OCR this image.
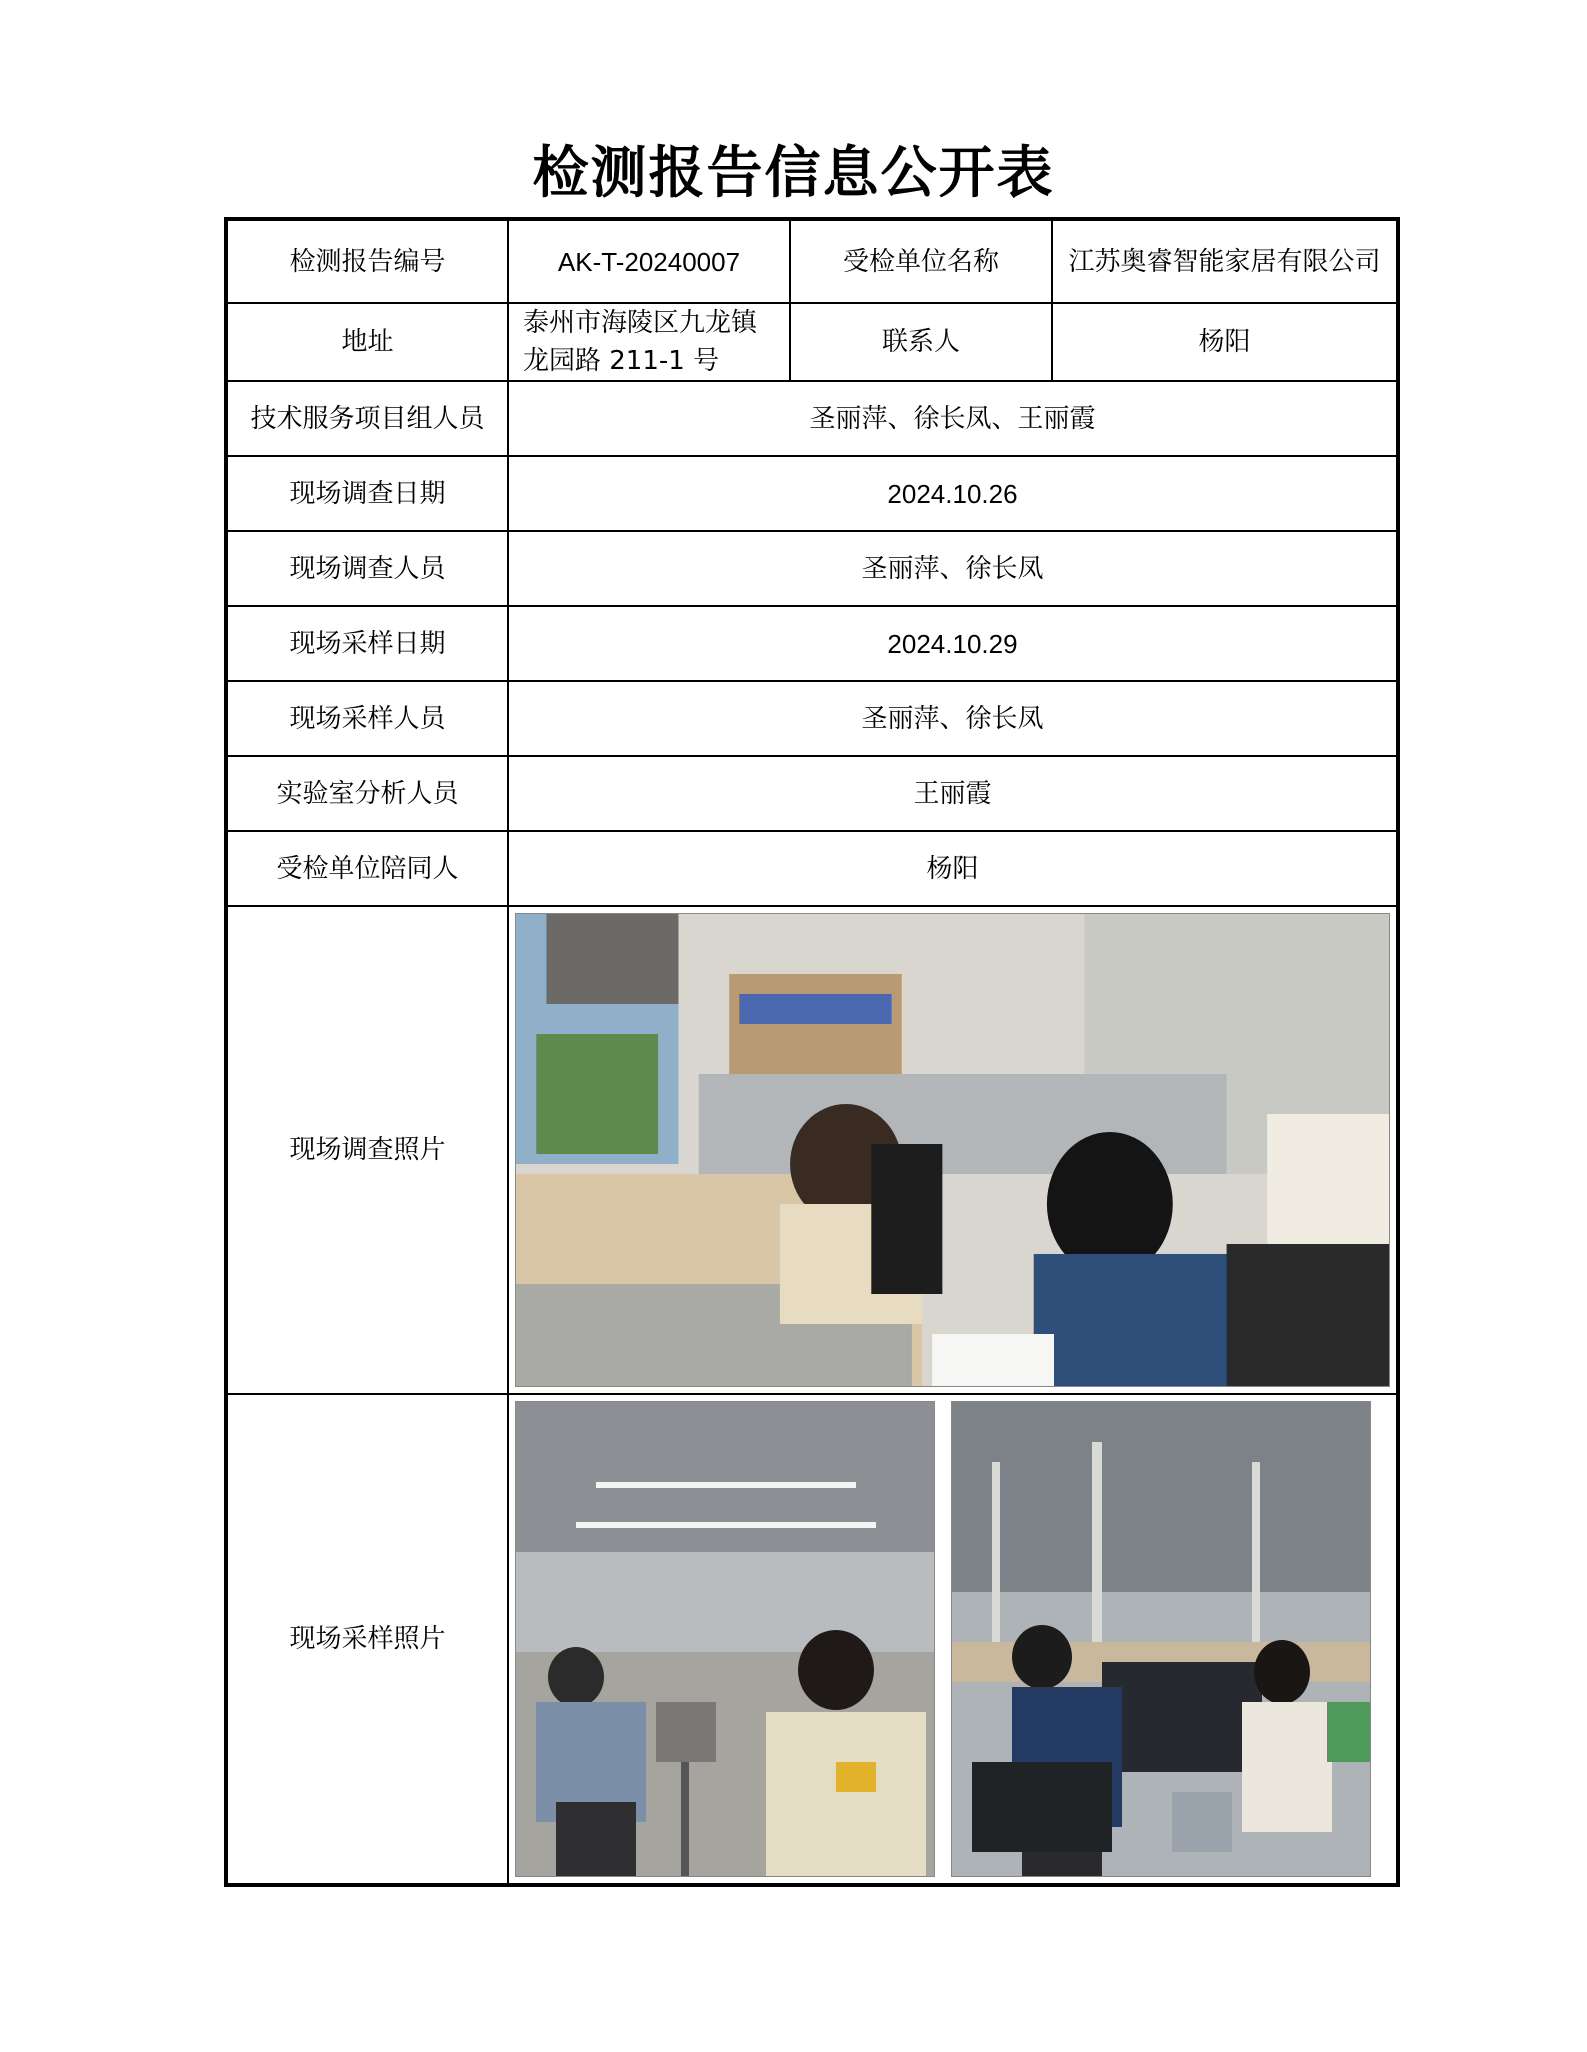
检测报告信息公开表
检测报告编号	AK-T-20240007	受检单位名称	江苏奥睿智能家居有限公司
地址	泰州市海陵区九龙镇龙园路 211-1 号	联系人	杨阳
技术服务项目组人员	圣丽萍、徐长凤、王丽霞		
现场调查日期	2024.10.26		
现场调查人员	圣丽萍、徐长凤		
现场采样日期	2024.10.29		
现场采样人员	圣丽萍、徐长凤		
实验室分析人员	王丽霞		
受检单位陪同人	杨阳		
现场调查照片	

现场采样照片	
